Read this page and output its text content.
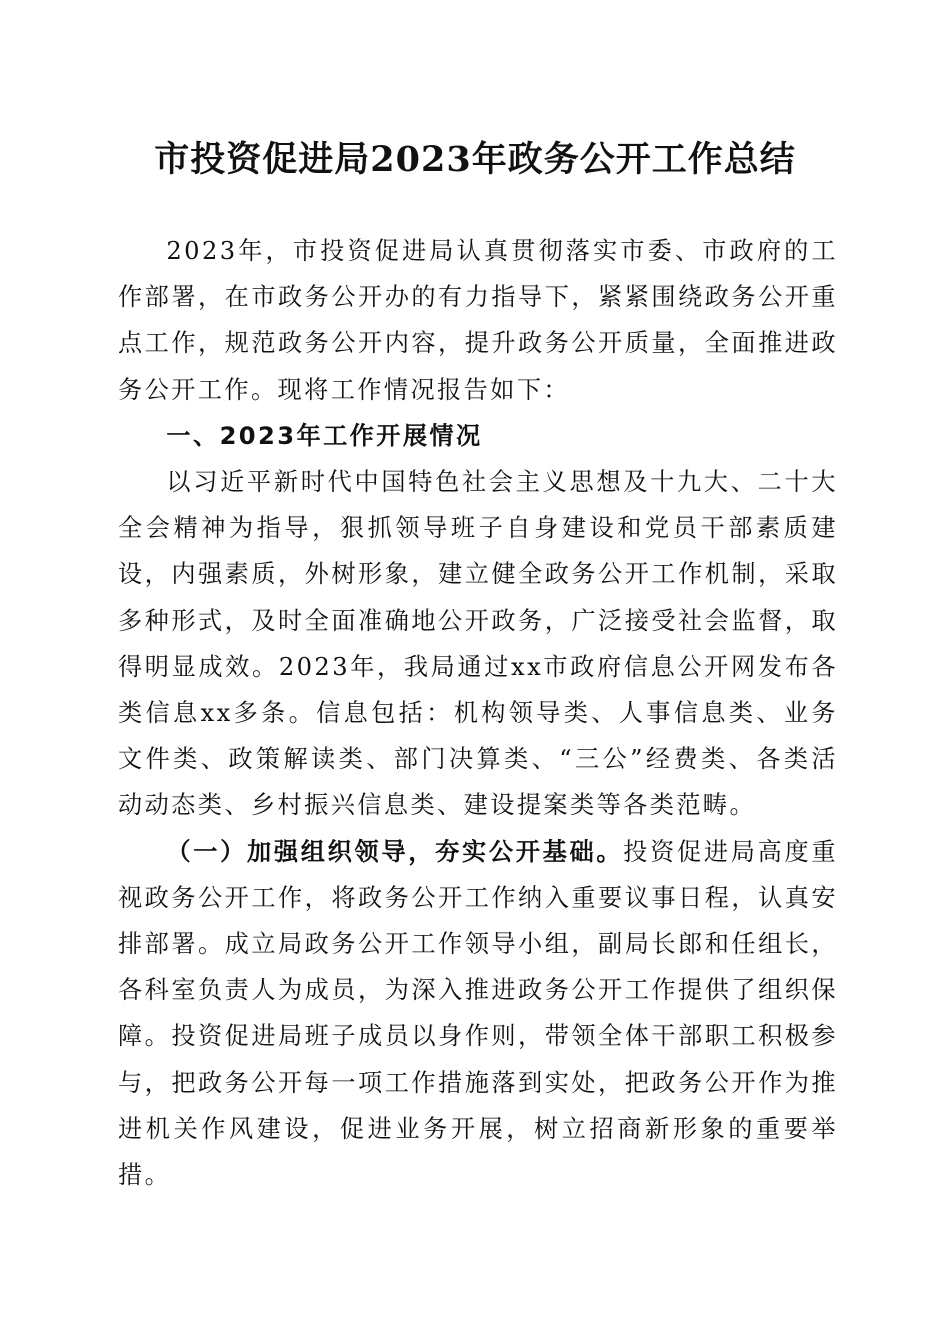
市投资促进局2023年政务公开工作总结

2023年，市投资促进局认真贯彻落实市委、市政府的工作部署，在市政务公开办的有力指导下，紧紧围绕政务公开重点工作，规范政务公开内容，提升政务公开质量，全面推进政务公开工作。现将工作情况报告如下：

一、2023年工作开展情况

以习近平新时代中国特色社会主义思想及十九大、二十大全会精神为指导，狠抓领导班子自身建设和党员干部素质建设，内强素质，外树形象，建立健全政务公开工作机制，采取多种形式，及时全面准确地公开政务，广泛接受社会监督，取得明显成效。2023年，我局通过xx市政府信息公开网发布各类信息xx多条。信息包括：机构领导类、人事信息类、业务文件类、政策解读类、部门决算类、“三公”经费类、各类活动动态类、乡村振兴信息类、建设提案类等各类范畴。

（一）加强组织领导，夯实公开基础。投资促进局高度重视政务公开工作，将政务公开工作纳入重要议事日程，认真安排部署。成立局政务公开工作领导小组，副局长郎和任组长，各科室负责人为成员，为深入推进政务公开工作提供了组织保障。投资促进局班子成员以身作则，带领全体干部职工积极参与，把政务公开每一项工作措施落到实处，把政务公开作为推进机关作风建设，促进业务开展，树立招商新形象的重要举措。
